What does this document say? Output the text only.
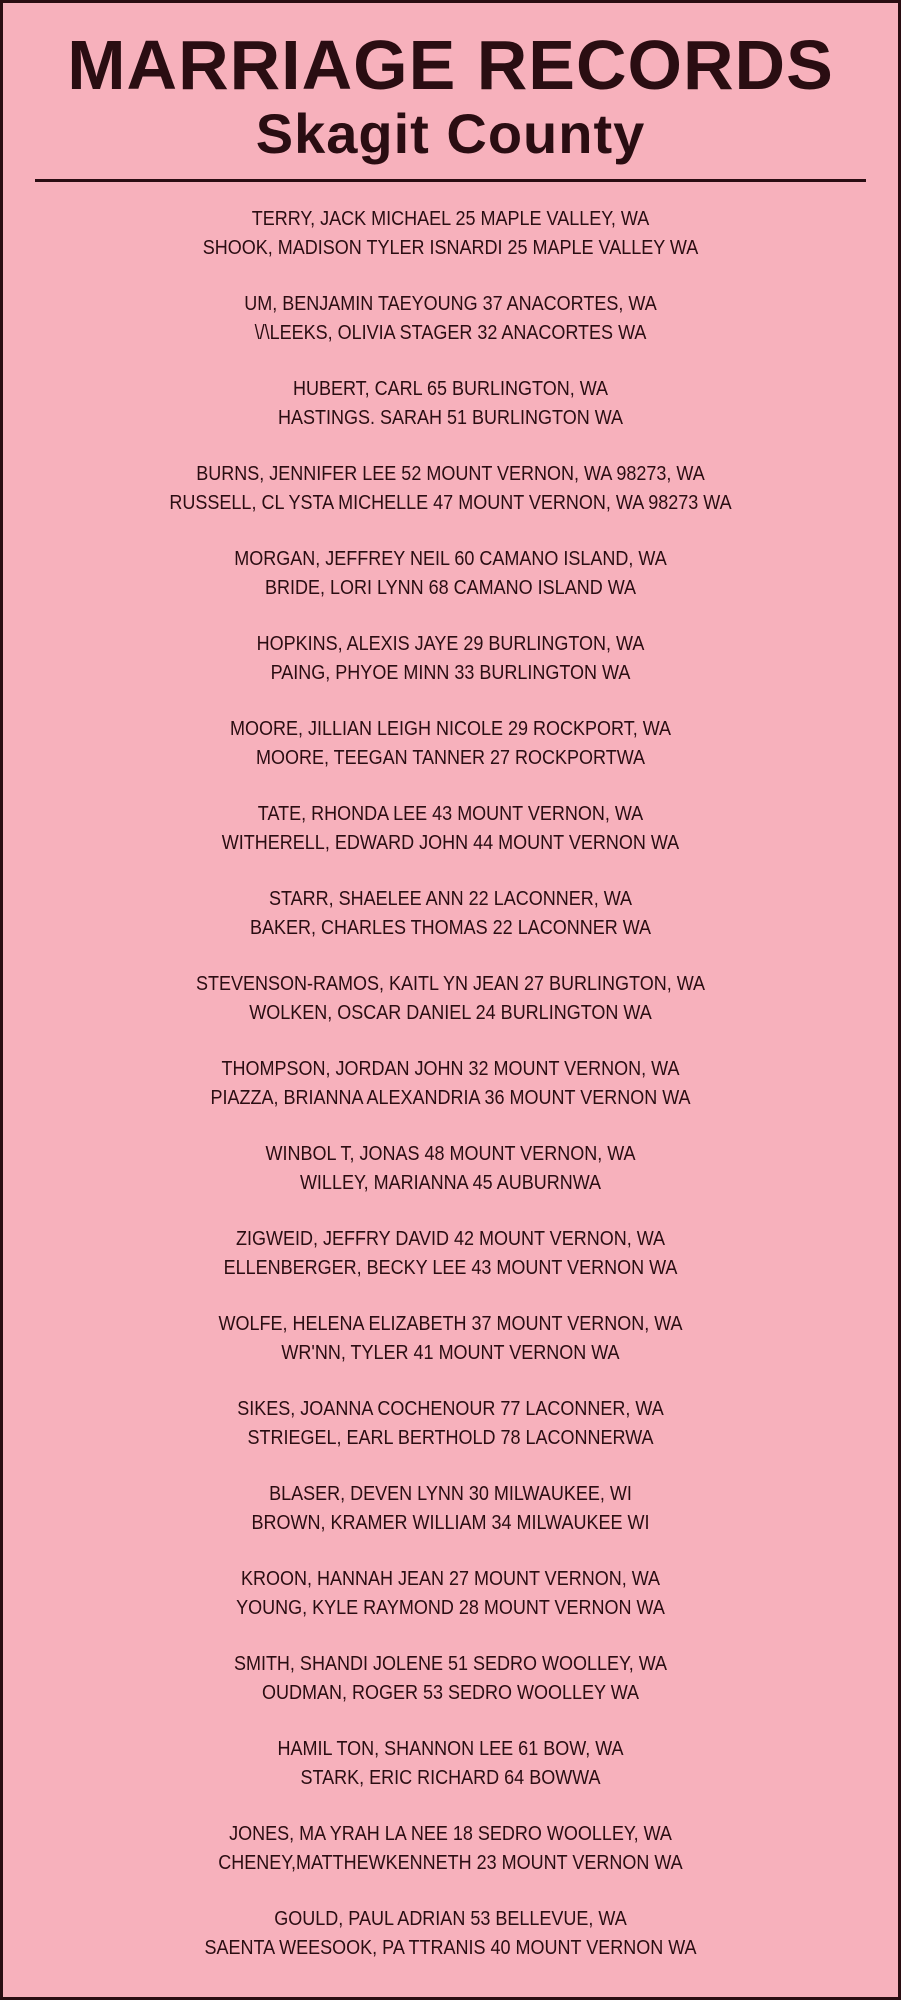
MARRIAGE RECORDS
Skagit County
TERRY, JACK MICHAEL 25 MAPLE VALLEY, WA
SHOOK, MADISON TYLER ISNARDI 25 MAPLE VALLEY WA
UM, BENJAMIN TAEYOUNG 37 ANACORTES, WA
\/\LEEKS, OLIVIA STAGER 32 ANACORTES WA
HUBERT, CARL 65 BURLINGTON, WA
HASTINGS. SARAH 51 BURLINGTON WA
BURNS, JENNIFER LEE 52 MOUNT VERNON, WA 98273, WA
RUSSELL, CL YSTA MICHELLE 47 MOUNT VERNON, WA 98273 WA
MORGAN, JEFFREY NEIL 60 CAMANO ISLAND, WA
BRIDE, LORI LYNN 68 CAMANO ISLAND WA
HOPKINS, ALEXIS JAYE 29 BURLINGTON, WA
PAING, PHYOE MINN 33 BURLINGTON WA
MOORE, JILLIAN LEIGH NICOLE 29 ROCKPORT, WA
MOORE, TEEGAN TANNER 27 ROCKPORTWA
TATE, RHONDA LEE 43 MOUNT VERNON, WA
WITHERELL, EDWARD JOHN 44 MOUNT VERNON WA
STARR, SHAELEE ANN 22 LACONNER, WA
BAKER, CHARLES THOMAS 22 LACONNER WA
STEVENSON-RAMOS, KAITL YN JEAN 27 BURLINGTON, WA
WOLKEN, OSCAR DANIEL 24 BURLINGTON WA
THOMPSON, JORDAN JOHN 32 MOUNT VERNON, WA
PIAZZA, BRIANNA ALEXANDRIA 36 MOUNT VERNON WA
WINBOL T, JONAS 48 MOUNT VERNON, WA
WILLEY, MARIANNA 45 AUBURNWA
ZIGWEID, JEFFRY DAVID 42 MOUNT VERNON, WA
ELLENBERGER, BECKY LEE 43 MOUNT VERNON WA
WOLFE, HELENA ELIZABETH 37 MOUNT VERNON, WA
WR'NN, TYLER 41 MOUNT VERNON WA
SIKES, JOANNA COCHENOUR 77 LACONNER, WA
STRIEGEL, EARL BERTHOLD 78 LACONNERWA
BLASER, DEVEN LYNN 30 MILWAUKEE, WI
BROWN, KRAMER WILLIAM 34 MILWAUKEE WI
KROON, HANNAH JEAN 27 MOUNT VERNON, WA
YOUNG, KYLE RAYMOND 28 MOUNT VERNON WA
SMITH, SHANDI JOLENE 51 SEDRO WOOLLEY, WA
OUDMAN, ROGER 53 SEDRO WOOLLEY WA
HAMIL TON, SHANNON LEE 61 BOW, WA
STARK, ERIC RICHARD 64 BOWWA
JONES, MA YRAH LA NEE 18 SEDRO WOOLLEY, WA
CHENEY,MATTHEWKENNETH 23 MOUNT VERNON WA
GOULD, PAUL ADRIAN 53 BELLEVUE, WA
SAENTA WEESOOK, PA TTRANIS 40 MOUNT VERNON WA
